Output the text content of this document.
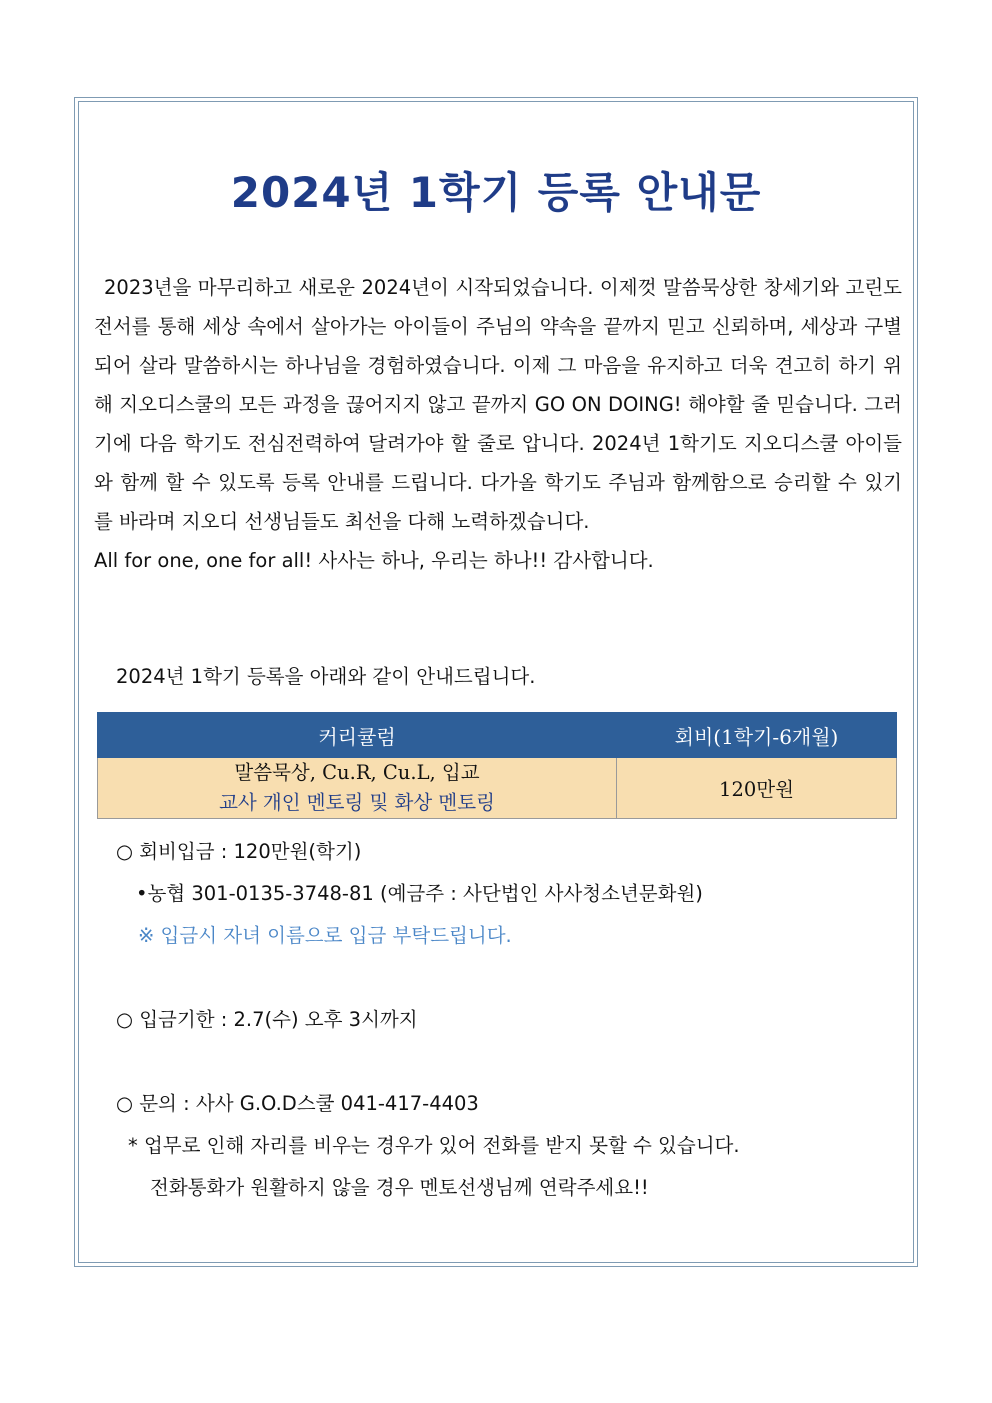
2024년 1학기 등록 안내문

2023년을 마무리하고 새로운 2024년이 시작되었습니다. 이제껏 말씀묵상한 창세기와 고린도전서를 통해 세상 속에서 살아가는 아이들이 주님의 약속을 끝까지 믿고 신뢰하며, 세상과 구별되어 살라 말씀하시는 하나님을 경험하였습니다. 이제 그 마음을 유지하고 더욱 견고히 하기 위해 지오디스쿨의 모든 과정을 끊어지지 않고 끝까지 GO ON DOING! 해야할 줄 믿습니다. 그러기에 다음 학기도 전심전력하여 달려가야 할 줄로 압니다. 2024년 1학기도 지오디스쿨 아이들와 함께 할 수 있도록 등록 안내를 드립니다. 다가올 학기도 주님과 함께함으로 승리할 수 있기를 바라며 지오디 선생님들도 최선을 다해 노력하겠습니다.

All for one, one for all! 사사는 하나, 우리는 하나!! 감사합니다.

2024년 1학기 등록을 아래와 같이 안내드립니다.
커리큘럼	회비(1학기-6개월)

말씀묵상, Cu.R, Cu.L, 입교
교사 개인 멘토링 및 화상 멘토링	120만원
○ 회비입금 : 120만원(학기)
•농협 301-0135-3748-81 (예금주 : 사단법인 사사청소년문화원)
※ 입금시 자녀 이름으로 입금 부탁드립니다.
○ 입금기한 : 2.7(수) 오후 3시까지
○ 문의 : 사사 G.O.D스쿨 041-417-4403
* 업무로 인해 자리를 비우는 경우가 있어 전화를 받지 못할 수 있습니다.
전화통화가 원활하지 않을 경우 멘토선생님께 연락주세요!!
